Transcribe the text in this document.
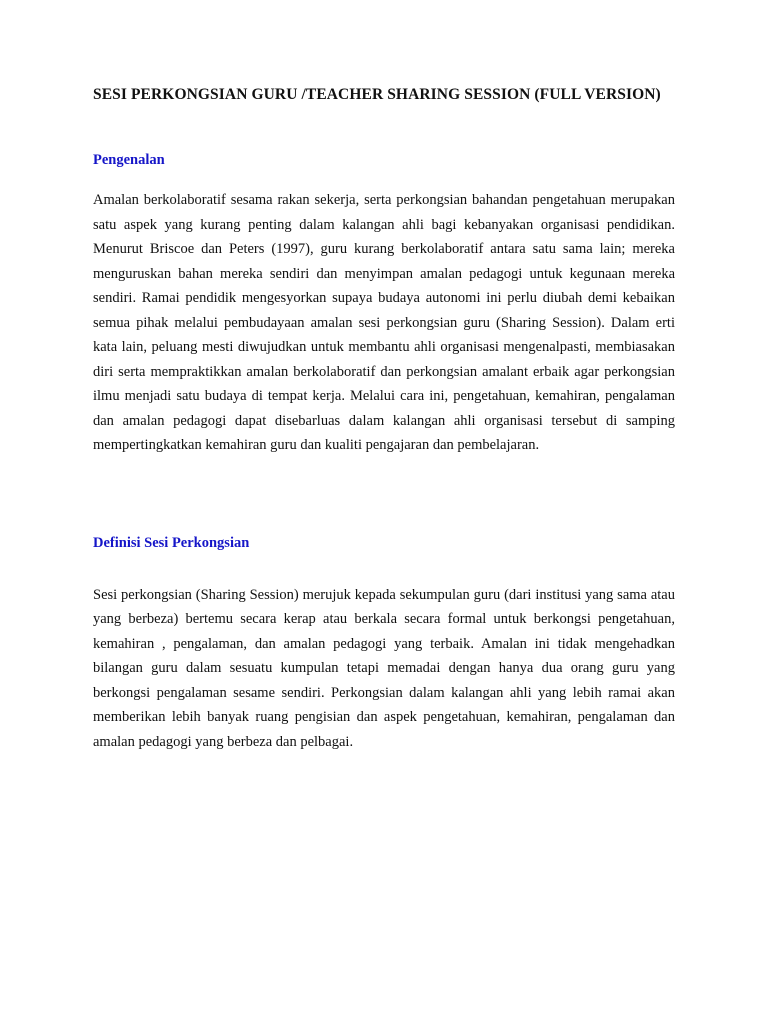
SESI PERKONGSIAN GURU /TEACHER SHARING SESSION (FULL VERSION)
Pengenalan

Amalan berkolaboratif sesama rakan sekerja, serta perkongsian bahandan pengetahuan merupakan satu aspek yang kurang penting dalam kalangan ahli bagi kebanyakan organisasi pendidikan. Menurut Briscoe dan Peters (1997), guru kurang berkolaboratif antara satu sama lain; mereka menguruskan bahan mereka sendiri dan menyimpan amalan pedagogi untuk kegunaan mereka sendiri. Ramai pendidik mengesyorkan supaya budaya autonomi ini perlu diubah demi kebaikan semua pihak melalui pembudayaan amalan sesi perkongsian guru (Sharing Session). Dalam erti kata lain, peluang mesti diwujudkan untuk membantu ahli organisasi mengenalpasti, membiasakan diri serta mempraktikkan amalan berkolaboratif dan perkongsian amalant erbaik agar perkongsian ilmu menjadi satu budaya di tempat kerja. Melalui cara ini, pengetahuan, kemahiran, pengalaman dan amalan pedagogi dapat disebarluas dalam kalangan ahli organisasi tersebut di samping mempertingkatkan kemahiran guru dan kualiti pengajaran dan pembelajaran.

Definisi Sesi Perkongsian

Sesi perkongsian (Sharing Session) merujuk kepada sekumpulan guru (dari institusi yang sama atau yang berbeza) bertemu secara kerap atau berkala secara formal untuk berkongsi pengetahuan, kemahiran , pengalaman, dan amalan pedagogi yang terbaik. Amalan ini tidak mengehadkan bilangan guru dalam sesuatu kumpulan tetapi memadai dengan hanya dua orang guru yang berkongsi pengalaman sesame sendiri. Perkongsian dalam kalangan ahli yang lebih ramai akan memberikan lebih banyak ruang pengisian dan aspek pengetahuan, kemahiran, pengalaman dan amalan pedagogi yang berbeza dan pelbagai.
